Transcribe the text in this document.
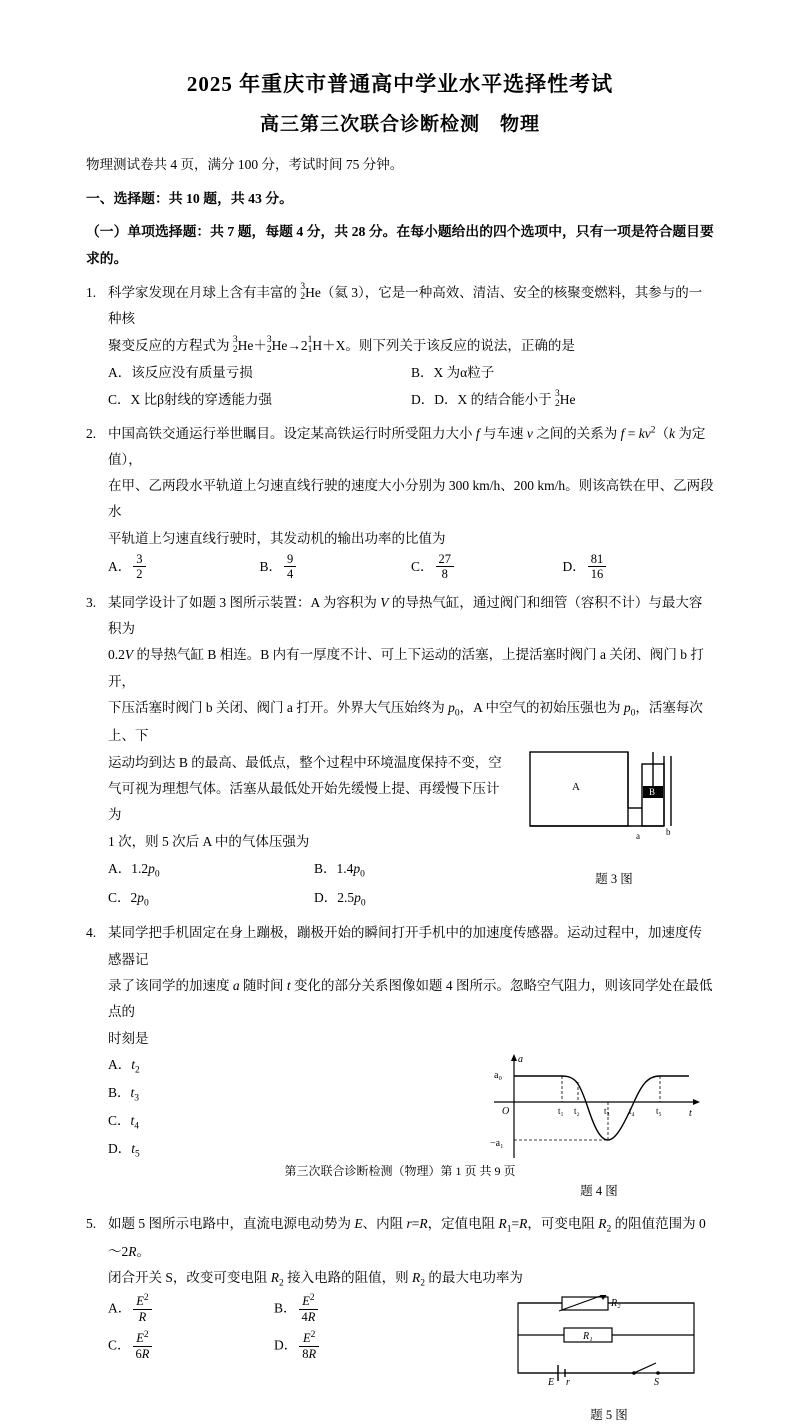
2025 年重庆市普通高中学业水平选择性考试
高三第三次联合诊断检测　物理
物理测试卷共 4 页，满分 100 分，考试时间 75 分钟。
一、选择题：共 10 题，共 43 分。
（一）单项选择题：共 7 题，每题 4 分，共 28 分。在每小题给出的四个选项中，只有一项是符合题目要求的。
1. 科学家发现在月球上含有丰富的 3
2 He（氦 3），它是一种高效、清洁、安全的核聚变燃料，其参与的一种核
聚变反应的方程式为 3
2 He＋ 3
2 He→2 1
1 H＋X。则下列关于该反应的说法，正确的是
A．该反应没有质量亏损	B．X 为α粒子
C．X 比β射线的穿透能力强	D．D．X 的结合能小于 3
2 He
2. 中国高铁交通运行举世瞩目。设定某高铁运行时所受阻力大小 f 与车速 v 之间的关系为 $f = kv^2(k$ 为定值），
在甲、乙两段水平轨道上匀速直线行驶的速度大小分别为 300 km/h、200 km/h。则该高铁在甲、乙两段水
平轨道上匀速直线行驶时，其发动机的输出功率的比值为
A． $\frac{3}{2}$	B． $\frac{9}{4}$	C． $\frac{27}{8}$	D． $\frac{81}{16}$
3. 某同学设计了如题 3 图所示装置：A 为容积为 V 的导热气缸，通过阀门和细管（容积不计）与最大容积为
0.2V 的导热气缸 B 相连。B 内有一厚度不计、可上下运动的活塞，上提活塞时阀门 a 关闭、阀门 b 打开，
下压活塞时阀门 b 关闭、阀门 a 打开。外界大气压始终为 $p_0$，A 中空气的初始压强也为 $p_0$，活塞每次上、下
A	B
a	b
题 3 图
运动均到达 B 的最高、最低点，整个过程中环境温度保持不变，空
气可视为理想气体。活塞从最低处开始先缓慢上提、再缓慢下压计为
1 次，则 5 次后 A 中的气体压强为
A．$1.2p_0$	B．$1.4p_0$
C．$2p_0$	D．$2.5p_0$
4. 某同学把手机固定在身上蹦极，蹦极开始的瞬间打开手机中的加速度传感器。运动过程中，加速度传感器记
录了该同学的加速度 a 随时间 t 变化的部分关系图像如题 4 图所示。忽略空气阻力，则该同学处在最低点的
时刻是
a
t
O
a₀
−a₁
t₁ t₂	t₃ t₄ t₅
题 4 图
A．$t_2$
B．$t_3$
C．$t_4$
D．$t_5$
5. 如题 5 图所示电路中，直流电源电动势为 E、内阻 r=R，定值电阻 $R_1=R$，可变电阻 $R_2$ 的阻值范围为 0～2R。
闭合开关 S，改变可变电阻 $R_2$ 接入电路的阻值，则 $R_2$ 的最大电功率为
R₂
R₁
E r	S
题 5 图
A． $\frac{E^2}{R}$	B． $\frac{E^2}{4R}$
C． $\frac{E^2}{6R}$	D． $\frac{E^2}{8R}$
第三次联合诊断检测（物理）第 1 页 共 9 页
